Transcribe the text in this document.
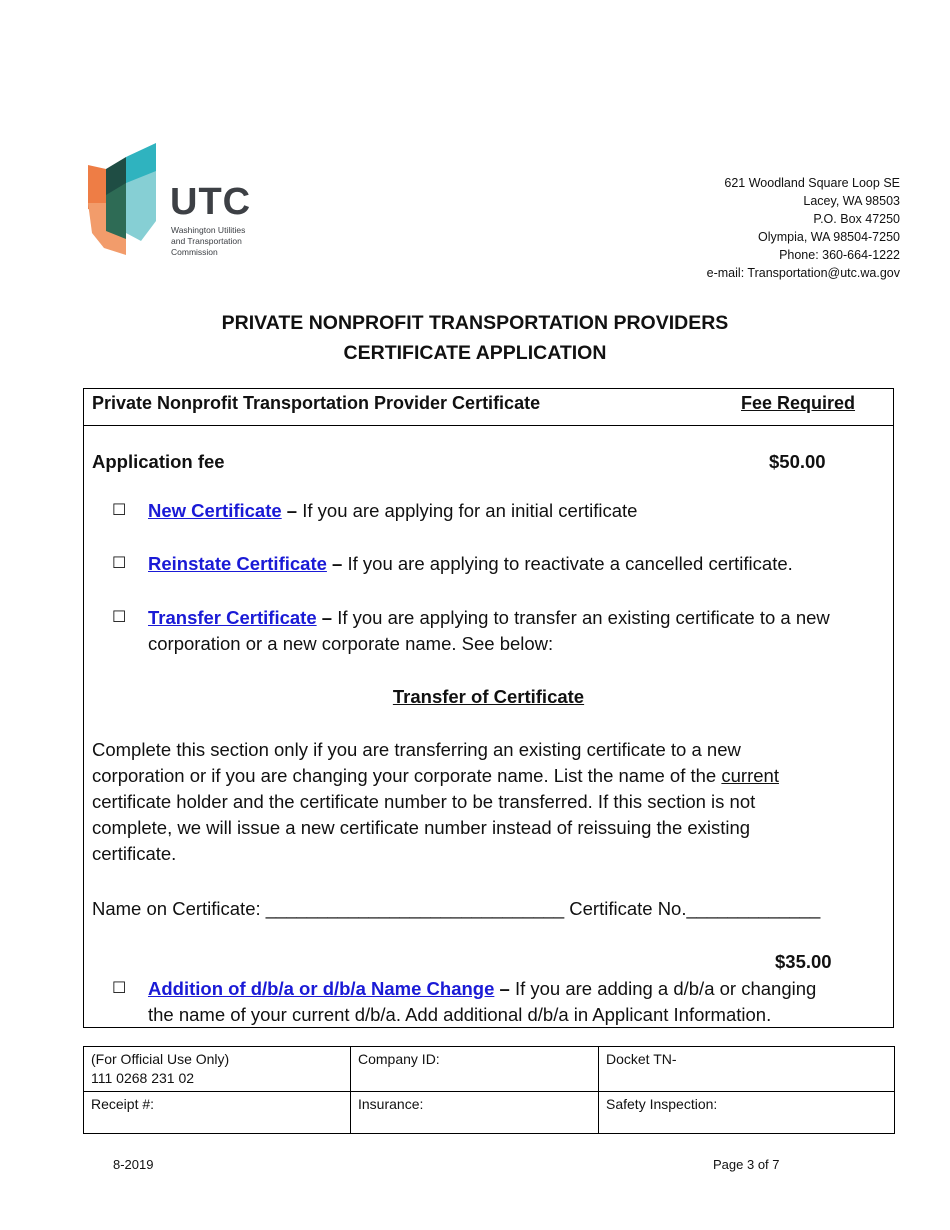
UTC
Washington Utilities
and Transportation
Commission
621 Woodland Square Loop SE
Lacey, WA 98503
P.O. Box 47250
Olympia, WA 98504-7250
Phone: 360-664-1222
e-mail: Transportation@utc.wa.gov
PRIVATE NONPROFIT TRANSPORTATION PROVIDERS
CERTIFICATE APPLICATION
Private Nonprofit Transportation Provider Certificate	Fee Required
Application fee	$50.00
☐ New Certificate – If you are applying for an initial certificate
☐ Reinstate Certificate – If you are applying to reactivate a cancelled certificate.
☐ Transfer Certificate – If you are applying to transfer an existing certificate to a new
corporation or a new corporate name. See below:
Transfer of Certificate
Complete this section only if you are transferring an existing certificate to a new
corporation or if you are changing your corporate name. List the name of the current
certificate holder and the certificate number to be transferred. If this section is not
complete, we will issue a new certificate number instead of reissuing the existing
certificate.
Name on Certificate: _____________________________ Certificate No._____________
$35.00
☐ Addition of d/b/a or d/b/a Name Change – If you are adding a d/b/a or changing
the name of your current d/b/a. Add additional d/b/a in Applicant Information.
(For Official Use Only)
111 0268 231 02	Company ID:	Docket TN-
Receipt #:	Insurance:	Safety Inspection:
8-2019	Page 3 of 7
